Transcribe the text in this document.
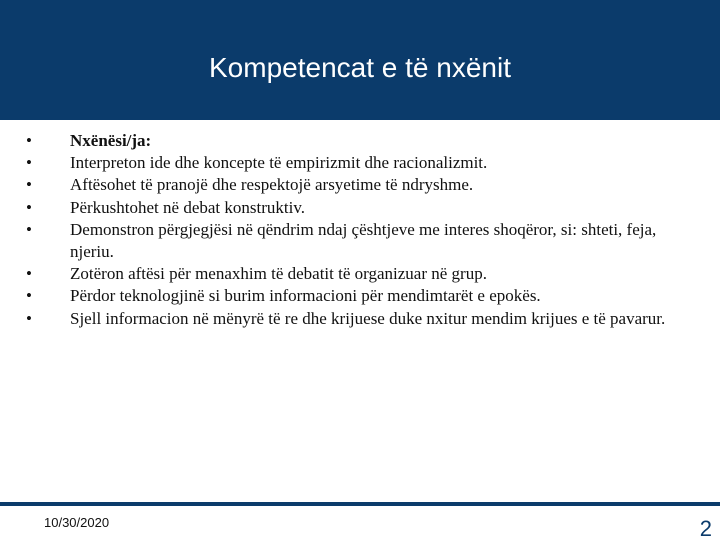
Kompetencat e të nxënit
•	Nxënësi/ja:
•	Interpreton ide dhe koncepte të empirizmit dhe racionalizmit.
•	Aftësohet të pranojë dhe respektojë arsyetime të ndryshme.
•	Përkushtohet në debat konstruktiv.
•	Demonstron përgjegjësi në qëndrim ndaj çështjeve me interes shoqëror, si: shteti, feja, njeriu.
•	Zotëron aftësi për menaxhim të debatit të organizuar në grup.
•	Përdor teknologjinë si burim informacioni për mendimtarët e epokës.
•	Sjell informacion në mënyrë të re dhe krijuese duke nxitur mendim krijues e të pavarur.
10/30/2020	2
